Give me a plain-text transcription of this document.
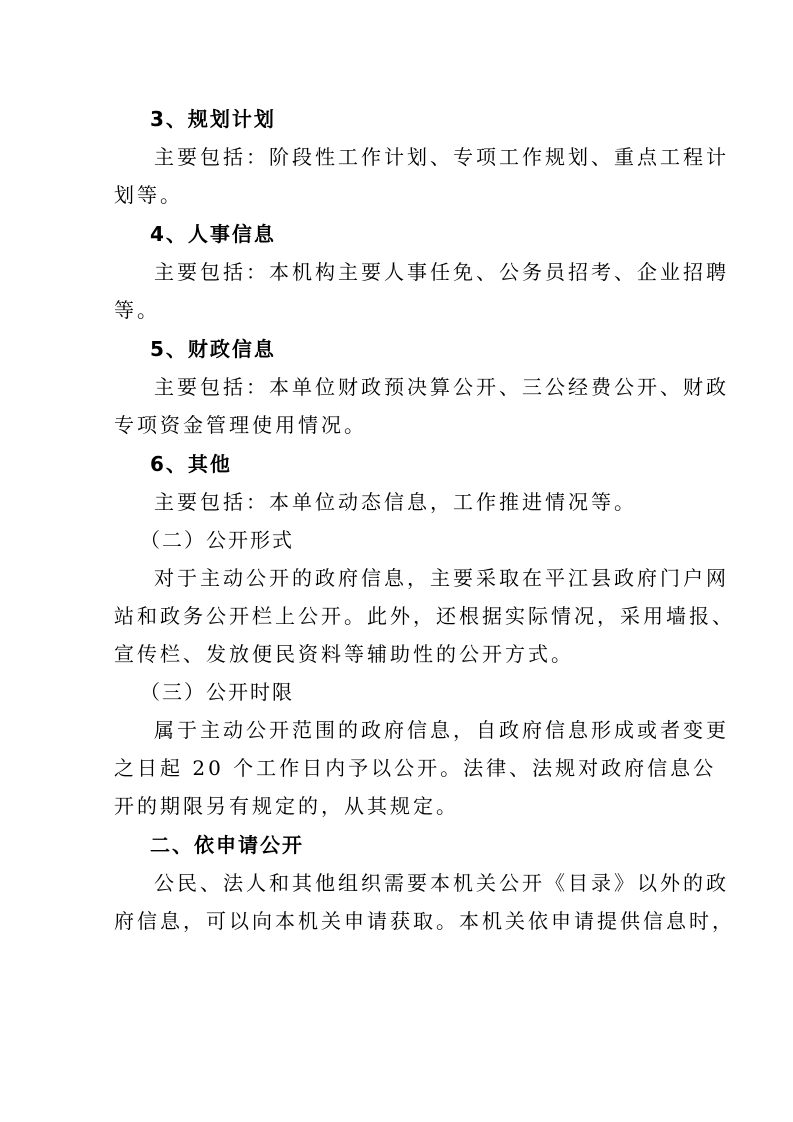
3、规划计划
主要包括：阶段性工作计划、专项工作规划、重点工程计
划等。
4、人事信息
主要包括：本机构主要人事任免、公务员招考、企业招聘
等。
5、财政信息
主要包括：本单位财政预决算公开、三公经费公开、财政
专项资金管理使用情况。
6、其他
主要包括：本单位动态信息，工作推进情况等。
（二）公开形式
对于主动公开的政府信息，主要采取在平江县政府门户网
站和政务公开栏上公开。此外，还根据实际情况，采用墙报、
宣传栏、发放便民资料等辅助性的公开方式。
（三）公开时限
属于主动公开范围的政府信息，自政府信息形成或者变更
之日起 20 个工作日内予以公开。法律、法规对政府信息公
开的期限另有规定的，从其规定。
二、依申请公开
公民、法人和其他组织需要本机关公开《目录》以外的政
府信息，可以向本机关申请获取。本机关依申请提供信息时，
